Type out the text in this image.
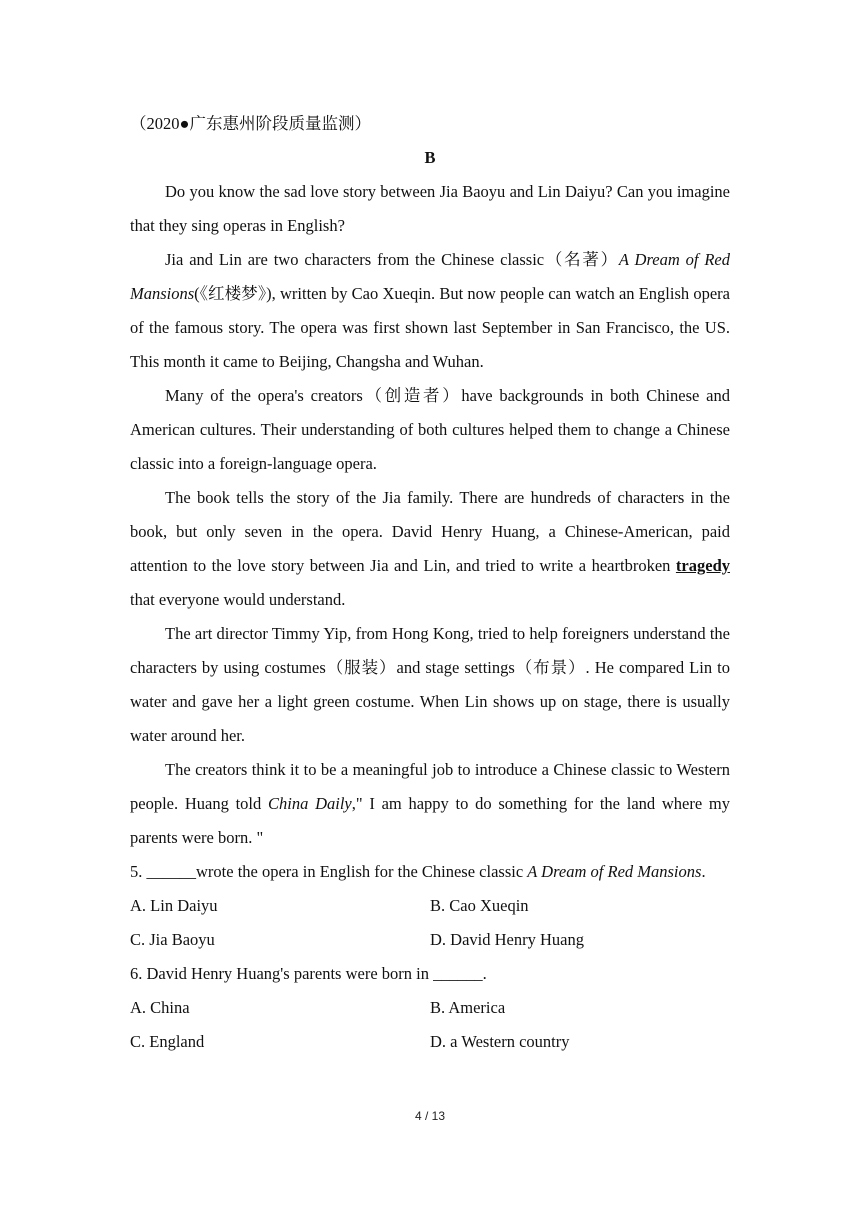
（2020●广东惠州阶段质量监测）

B

Do you know the sad love story between Jia Baoyu and Lin Daiyu? Can you imagine that they sing operas in English?

Jia and Lin are two characters from the Chinese classic（名著）A Dream of Red Mansions(《红楼梦》), written by Cao Xueqin. But now people can watch an English opera of the famous story. The opera was first shown last September in San Francisco, the US. This month it came to Beijing, Changsha and Wuhan.

Many of the opera's creators（创造者）have backgrounds in both Chinese and American cultures. Their understanding of both cultures helped them to change a Chinese classic into a foreign-language opera.

The book tells the story of the Jia family. There are hundreds of characters in the book, but only seven in the opera. David Henry Huang, a Chinese-American, paid attention to the love story between Jia and Lin, and tried to write a heartbroken tragedy that everyone would understand.

The art director Timmy Yip, from Hong Kong, tried to help foreigners understand the characters by using costumes（服装）and stage settings（布景）. He compared Lin to water and gave her a light green costume. When Lin shows up on stage, there is usually water around her.

The creators think it to be a meaningful job to introduce a Chinese classic to Western people. Huang told China Daily," I am happy to do something for the land where my parents were born. "

5. ______wrote the opera in English for the Chinese classic A Dream of Red Mansions.

A. Lin Daiyu	B. Cao Xueqin

C. Jia Baoyu	D. David Henry Huang

6. David Henry Huang's parents were born in ______.

A. China	B. America

C. England	D. a Western country

4 / 13
